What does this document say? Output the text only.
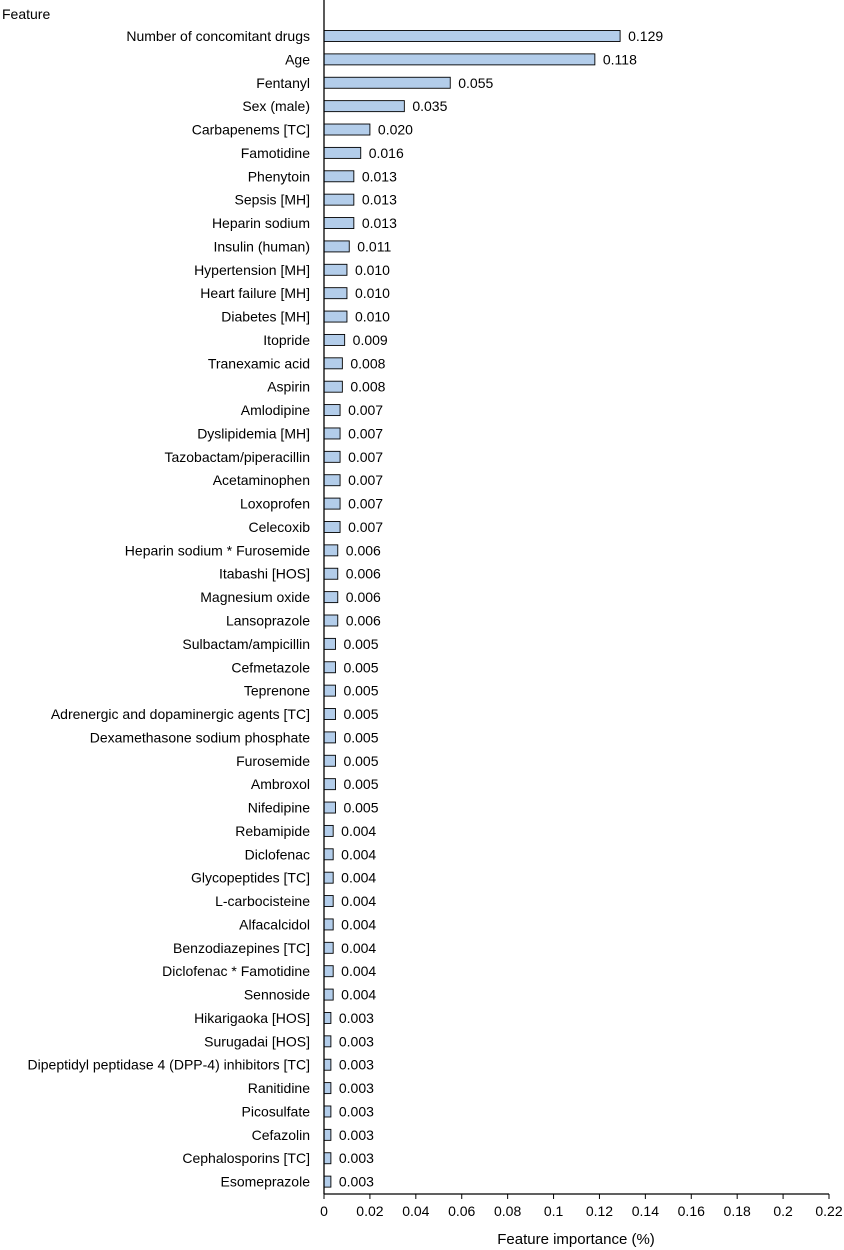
Feature
Number of concomitant drugs
Age
Fentanyl
Sex (male)
Carbapenems [TC]
Famotidine
Phenytoin
Sepsis [MH]
Heparin sodium
Insulin (human)
Hypertension [MH]
Heart failure [MH]
Diabetes [MH]
Itopride
Tranexamic acid
Aspirin
Amlodipine
Dyslipidemia [MH]
Tazobactam/piperacillin
Acetaminophen
Loxoprofen
Celecoxib
Heparin sodium * Furosemide
Itabashi [HOS]
Magnesium oxide
Lansoprazole
Sulbactam/ampicillin
Cefmetazole
Teprenone
Adrenergic and dopaminergic agents [TC]
Dexamethasone sodium phosphate
Furosemide
Ambroxol
Nifedipine
Rebamipide
Diclofenac
Glycopeptides [TC]
L-carbocisteine
Alfacalcidol
Benzodiazepines [TC]
Diclofenac * Famotidine
Sennoside
Hikarigaoka [HOS]
Surugadai [HOS]
Dipeptidyl peptidase 4 (DPP-4) inhibitors [TC]
Ranitidine
Picosulfate
Cefazolin
Cephalosporins [TC]
Esomeprazole
0.129
0.118
0.055
0.035
0.020
0.016
0.013
0.013
0.013
0.011
0.010
0.010
0.010
0.009
0.008
0.008
0.007
0.007
0.007
0.007
0.007
0.007
0.006
0.006
0.006
0.006
0.005
0.005
0.005
0.005
0.005
0.005
0.005
0.005
0.004
0.004
0.004
0.004
0.004
0.004
0.004
0.004
0.003
0.003
0.003
0.003
0.003
0.003
0.003
0.003
0 0.02 0.04 0.06 0.08 0.1 0.12 0.14 0.16 0.18 0.2 0.22
Feature importance (%)
